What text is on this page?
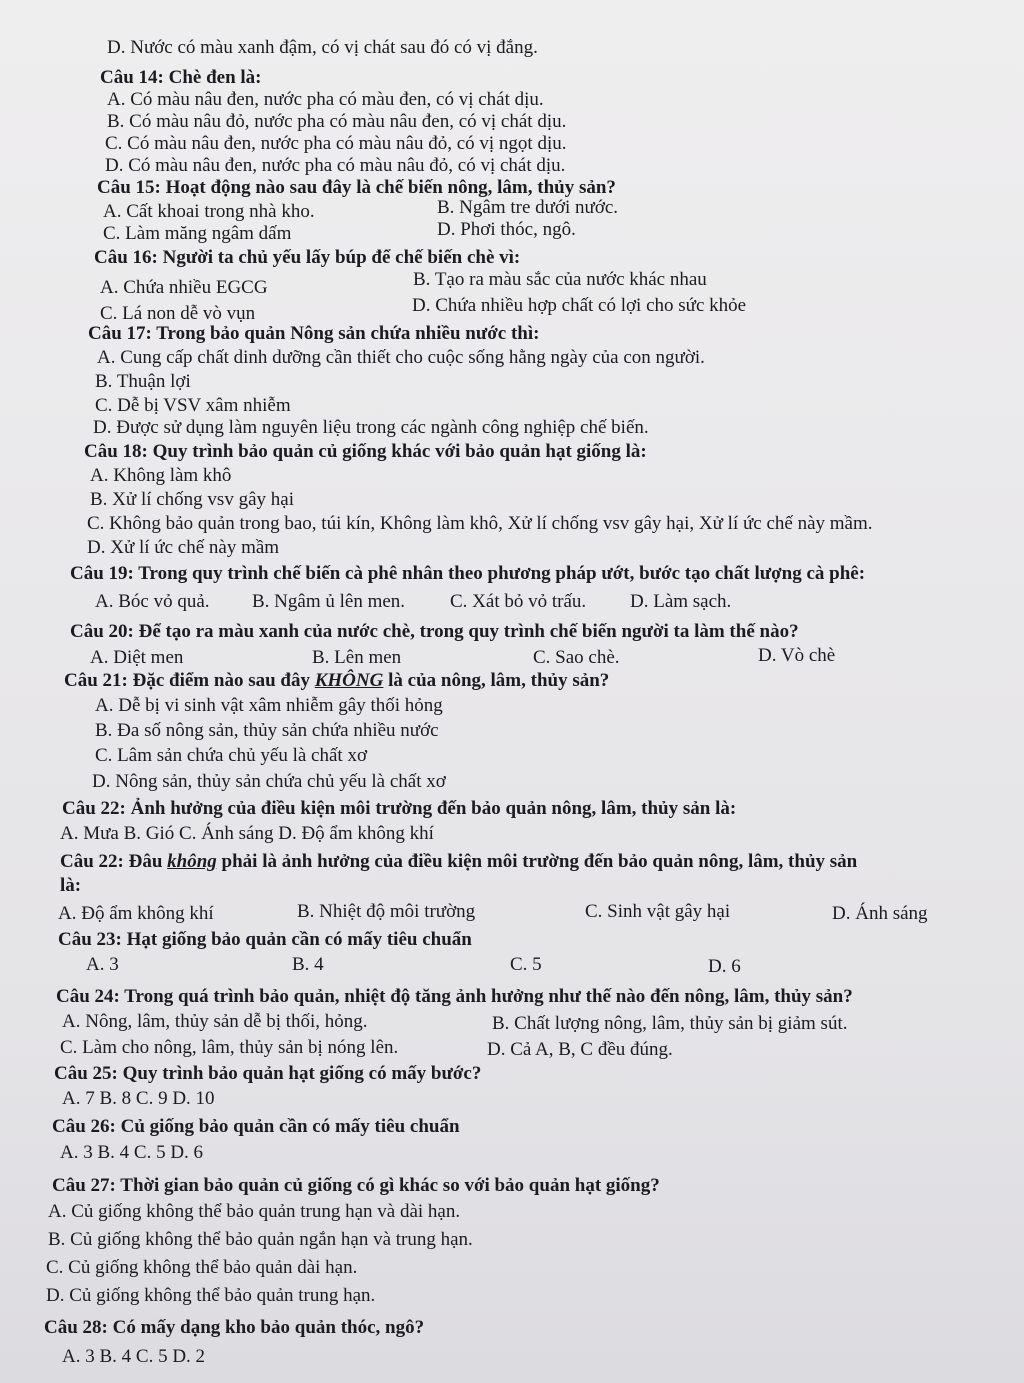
D. Nước có màu xanh đậm, có vị chát sau đó có vị đắng.
Câu 14: Chè đen là:
A. Có màu nâu đen, nước pha có màu đen, có vị chát dịu.
B. Có màu nâu đỏ, nước pha có màu nâu đen, có vị chát dịu.
C. Có màu nâu đen, nước pha có màu nâu đỏ, có vị ngọt dịu.
D. Có màu nâu đen, nước pha có màu nâu đỏ, có vị chát dịu.
Câu 15: Hoạt động nào sau đây là chế biến nông, lâm, thủy sản?
A. Cất khoai trong nhà kho.	B. Ngâm tre dưới nước.
C. Làm măng ngâm dấm	D. Phơi thóc, ngô.
Câu 16: Người ta chủ yếu lấy búp để chế biến chè vì:
A. Chứa nhiều EGCG	B. Tạo ra màu sắc của nước khác nhau
C. Lá non dễ vò vụn	D. Chứa nhiều hợp chất có lợi cho sức khỏe
Câu 17: Trong bảo quản Nông sản chứa nhiều nước thì:
A. Cung cấp chất dinh dưỡng cần thiết cho cuộc sống hằng ngày của con người.
B. Thuận lợi
C. Dễ bị VSV xâm nhiễm
D. Được sử dụng làm nguyên liệu trong các ngành công nghiệp chế biến.
Câu 18: Quy trình bảo quản củ giống khác với bảo quản hạt giống là:
A. Không làm khô
B. Xử lí chống vsv gây hại
C. Không bảo quản trong bao, túi kín, Không làm khô, Xử lí chống vsv gây hại, Xử lí ức chế này mầm.
D. Xử lí ức chế này mầm
Câu 19: Trong quy trình chế biến cà phê nhân theo phương pháp ướt, bước tạo chất lượng cà phê:
A. Bóc vỏ quả. B. Ngâm ủ lên men. C. Xát bỏ vỏ trấu. D. Làm sạch.
Câu 20: Để tạo ra màu xanh của nước chè, trong quy trình chế biến người ta làm thế nào?
A. Diệt men	B. Lên men	C. Sao chè.	D. Vò chè
Câu 21: Đặc điểm nào sau đây KHÔNG là của nông, lâm, thủy sản?
A. Dễ bị vi sinh vật xâm nhiễm gây thối hỏng
B. Đa số nông sản, thủy sản chứa nhiều nước
C. Lâm sản chứa chủ yếu là chất xơ
D. Nông sản, thủy sản chứa chủ yếu là chất xơ
Câu 22: Ảnh hưởng của điều kiện môi trường đến bảo quản nông, lâm, thủy sản là:
A. Mưa B. Gió C. Ánh sáng D. Độ ẩm không khí
Câu 22: Đâu không phải là ảnh hưởng của điều kiện môi trường đến bảo quản nông, lâm, thủy sản
là:
A. Độ ẩm không khí	B. Nhiệt độ môi trường	C. Sinh vật gây hại	D. Ánh sáng
Câu 23: Hạt giống bảo quản cần có mấy tiêu chuẩn
A. 3	B. 4	C. 5	D. 6
Câu 24: Trong quá trình bảo quản, nhiệt độ tăng ảnh hưởng như thế nào đến nông, lâm, thủy sản?
A. Nông, lâm, thủy sản dễ bị thối, hỏng.	B. Chất lượng nông, lâm, thủy sản bị giảm sút.
C. Làm cho nông, lâm, thủy sản bị nóng lên.	D. Cả A, B, C đều đúng.
Câu 25: Quy trình bảo quản hạt giống có mấy bước?
A. 7 B. 8 C. 9 D. 10
Câu 26: Củ giống bảo quản cần có mấy tiêu chuẩn
A. 3 B. 4 C. 5 D. 6
Câu 27: Thời gian bảo quản củ giống có gì khác so với bảo quản hạt giống?
A. Củ giống không thể bảo quản trung hạn và dài hạn.
B. Củ giống không thể bảo quản ngắn hạn và trung hạn.
C. Củ giống không thể bảo quản dài hạn.
D. Củ giống không thể bảo quản trung hạn.
Câu 28: Có mấy dạng kho bảo quản thóc, ngô?
A. 3 B. 4 C. 5 D. 2
